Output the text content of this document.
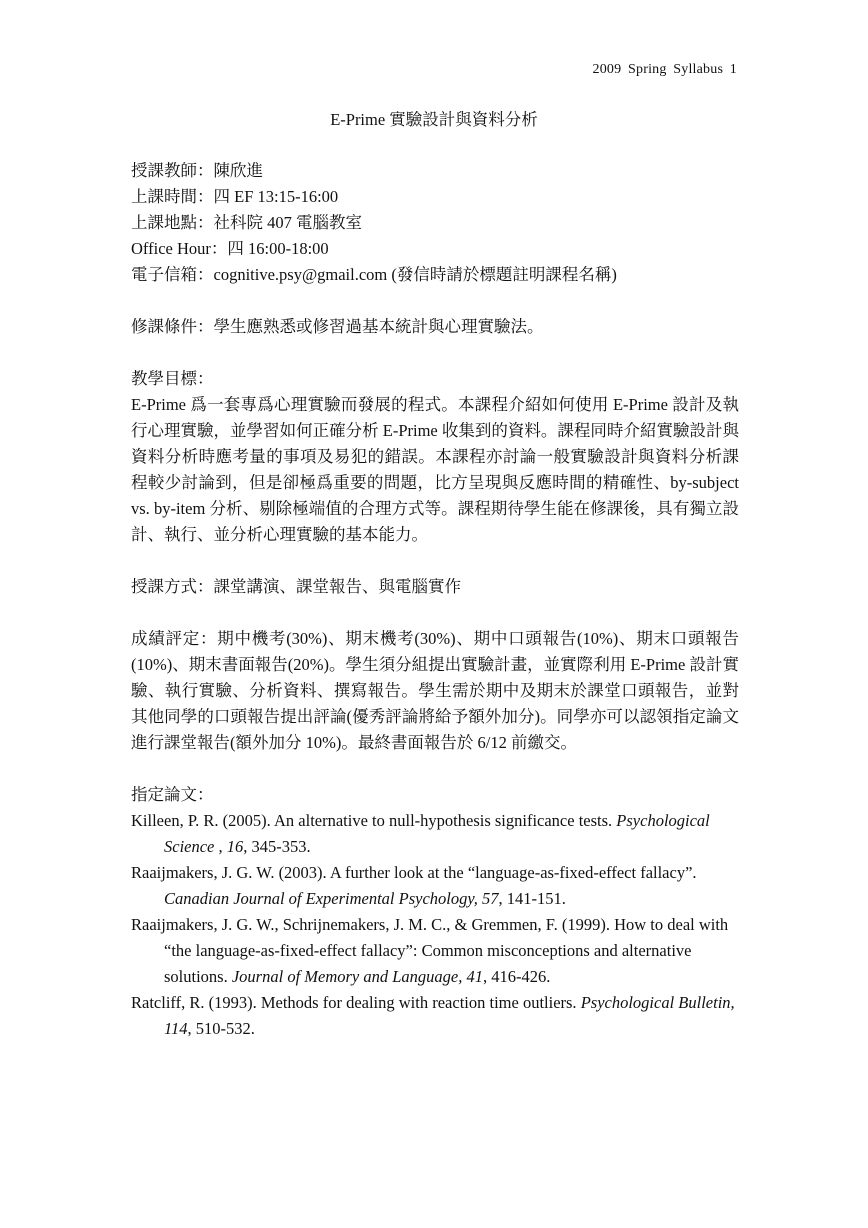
2009 Spring Syllabus 1
E-Prime 實驗設計與資料分析
授課教師：陳欣進
上課時間：四 EF 13:15-16:00
上課地點：社科院 407 電腦教室
Office Hour：四 16:00-18:00
電子信箱：cognitive.psy@gmail.com (發信時請於標題註明課程名稱)
修課條件：學生應熟悉或修習過基本統計與心理實驗法。
教學目標：
E-Prime 爲一套專爲心理實驗而發展的程式。本課程介紹如何使用 E-Prime 設計及執行心理實驗，並學習如何正確分析 E-Prime 收集到的資料。課程同時介紹實驗設計與資料分析時應考量的事項及易犯的錯誤。本課程亦討論一般實驗設計與資料分析課程較少討論到，但是卻極爲重要的問題，比方呈現與反應時間的精確性、by-subject vs. by-item 分析、剔除極端值的合理方式等。課程期待學生能在修課後，具有獨立設計、執行、並分析心理實驗的基本能力。
授課方式：課堂講演、課堂報告、與電腦實作
成績評定：期中機考(30%)、期末機考(30%)、期中口頭報告(10%)、期末口頭報告(10%)、期末書面報告(20%)。學生須分組提出實驗計畫，並實際利用 E-Prime 設計實驗、執行實驗、分析資料、撰寫報告。學生需於期中及期末於課堂口頭報告，並對其他同學的口頭報告提出評論(優秀評論將給予額外加分)。同學亦可以認領指定論文進行課堂報告(額外加分 10%)。最終書面報告於 6/12 前繳交。
指定論文：
Killeen, P. R. (2005). An alternative to null-hypothesis significance tests. Psychological Science , 16, 345-353.
Raaijmakers, J. G. W. (2003). A further look at the “language-as-fixed-effect fallacy”. Canadian Journal of Experimental Psychology, 57, 141-151.
Raaijmakers, J. G. W., Schrijnemakers, J. M. C., & Gremmen, F. (1999). How to deal with “the language-as-fixed-effect fallacy”: Common misconceptions and alternative solutions. Journal of Memory and Language, 41, 416-426.
Ratcliff, R. (1993). Methods for dealing with reaction time outliers. Psychological Bulletin, 114, 510-532.
